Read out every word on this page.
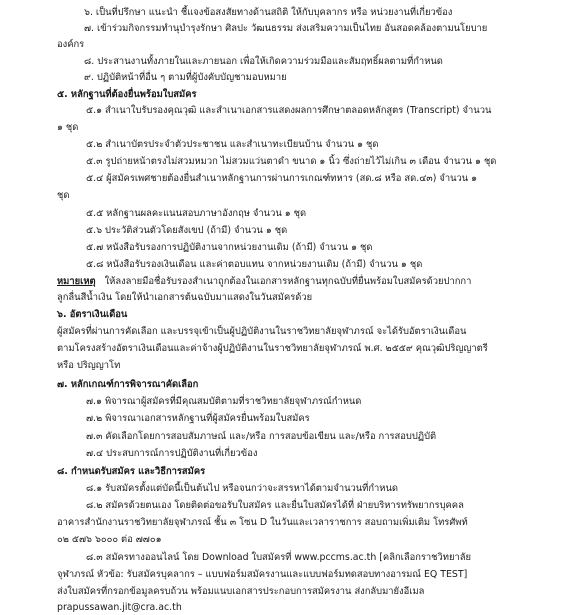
๖. เป็นที่ปรึกษา แนะนำ ชี้แจงข้อสงสัยทางด้านสถิติ ให้กับบุคลากร หรือ หน่วยงานที่เกี่ยวข้อง
๗. เข้าร่วมกิจกรรมทำนุบำรุงรักษา ศิลปะ วัฒนธรรม ส่งเสริมความเป็นไทย อันสอดคล้องตามนโยบาย
องค์กร
๘. ประสานงานทั้งภายในและภายนอก เพื่อให้เกิดความร่วมมือและสัมฤทธิ์ผลตามที่กำหนด
๙. ปฏิบัติหน้าที่อื่น ๆ ตามที่ผู้บังคับบัญชามอบหมาย
๕. หลักฐานที่ต้องยื่นพร้อมใบสมัคร
๕.๑ สำเนาใบรับรองคุณวุฒิ และสำเนาเอกสารแสดงผลการศึกษาตลอดหลักสูตร (Transcript) จำนวน
๑ ชุด
๕.๒ สำเนาบัตรประจำตัวประชาชน และสำเนาทะเบียนบ้าน จำนวน ๑ ชุด
๕.๓ รูปถ่ายหน้าตรงไม่สวมหมวก ไม่สวมแว่นตาดำ ขนาด ๑ นิ้ว ซึ่งถ่ายไว้ไม่เกิน ๓ เดือน จำนวน ๑ ชุด
๕.๔ ผู้สมัครเพศชายต้องยื่นสำเนาหลักฐานการผ่านการเกณฑ์ทหาร (สด.๘ หรือ สด.๔๓) จำนวน ๑
ชุด
๕.๕ หลักฐานผลคะแนนสอบภาษาอังกฤษ จำนวน ๑ ชุด
๕.๖ ประวัติส่วนตัวโดยสังเขป (ถ้ามี) จำนวน ๑ ชุด
๕.๗ หนังสือรับรองการปฏิบัติงานจากหน่วยงานเดิม (ถ้ามี) จำนวน ๑ ชุด
๕.๘ หนังสือรับรองเงินเดือน และค่าตอบแทน จากหน่วยงานเดิม (ถ้ามี) จำนวน ๑ ชุด
หมายเหตุ ให้ลงลายมือชื่อรับรองสำเนาถูกต้องในเอกสารหลักฐานทุกฉบับที่ยื่นพร้อมใบสมัครด้วยปากกา
ลูกลื่นสีน้ำเงิน โดยให้นำเอกสารต้นฉบับมาแสดงในวันสมัครด้วย
๖. อัตราเงินเดือน
ผู้สมัครที่ผ่านการคัดเลือก และบรรจุเข้าเป็นผู้ปฏิบัติงานในราชวิทยาลัยจุฬาภรณ์ จะได้รับอัตราเงินเดือน
ตามโครงสร้างอัตราเงินเดือนและค่าจ้างผู้ปฏิบัติงานในราชวิทยาลัยจุฬาภรณ์ พ.ศ. ๒๕๕๙ คุณวุฒิปริญญาตรี
หรือ ปริญญาโท
๗. หลักเกณฑ์การพิจารณาคัดเลือก
๗.๑ พิจารณาผู้สมัครที่มีคุณสมบัติตามที่ราชวิทยาลัยจุฬาภรณ์กำหนด
๗.๒ พิจารณาเอกสารหลักฐานที่ผู้สมัครยื่นพร้อมใบสมัคร
๗.๓ คัดเลือกโดยการสอบสัมภาษณ์ และ/หรือ การสอบข้อเขียน และ/หรือ การสอบปฏิบัติ
๗.๔ ประสบการณ์การปฏิบัติงานที่เกี่ยวข้อง
๘. กำหนดรับสมัคร และวิธีการสมัคร
๘.๑ รับสมัครตั้งแต่บัดนี้เป็นต้นไป หรือจนกว่าจะสรรหาได้ตามจำนวนที่กำหนด
๘.๒ สมัครด้วยตนเอง โดยติดต่อขอรับใบสมัคร และยื่นใบสมัครได้ที่ ฝ่ายบริหารทรัพยากรบุคคล
อาคารสำนักงานราชวิทยาลัยจุฬาภรณ์ ชั้น ๓ โซน D ในวันและเวลาราชการ สอบถามเพิ่มเติม โทรศัพท์
๐๒ ๕๗๖ ๖๐๐๐ ต่อ ๗๗๐๑
๘.๓ สมัครทางออนไลน์ โดย Download ใบสมัครที่ www.pccms.ac.th [คลิกเลือกราชวิทยาลัย
จุฬาภรณ์ หัวข้อ: รับสมัครบุคลากร – แบบฟอร์มสมัครงานและแบบฟอร์มทดสอบทางอารมณ์ EQ TEST]
ส่งใบสมัครที่กรอกข้อมูลครบถ้วน พร้อมแนบเอกสารประกอบการสมัครงาน ส่งกลับมายังอีเมล
prapussawan.jit@cra.ac.th
